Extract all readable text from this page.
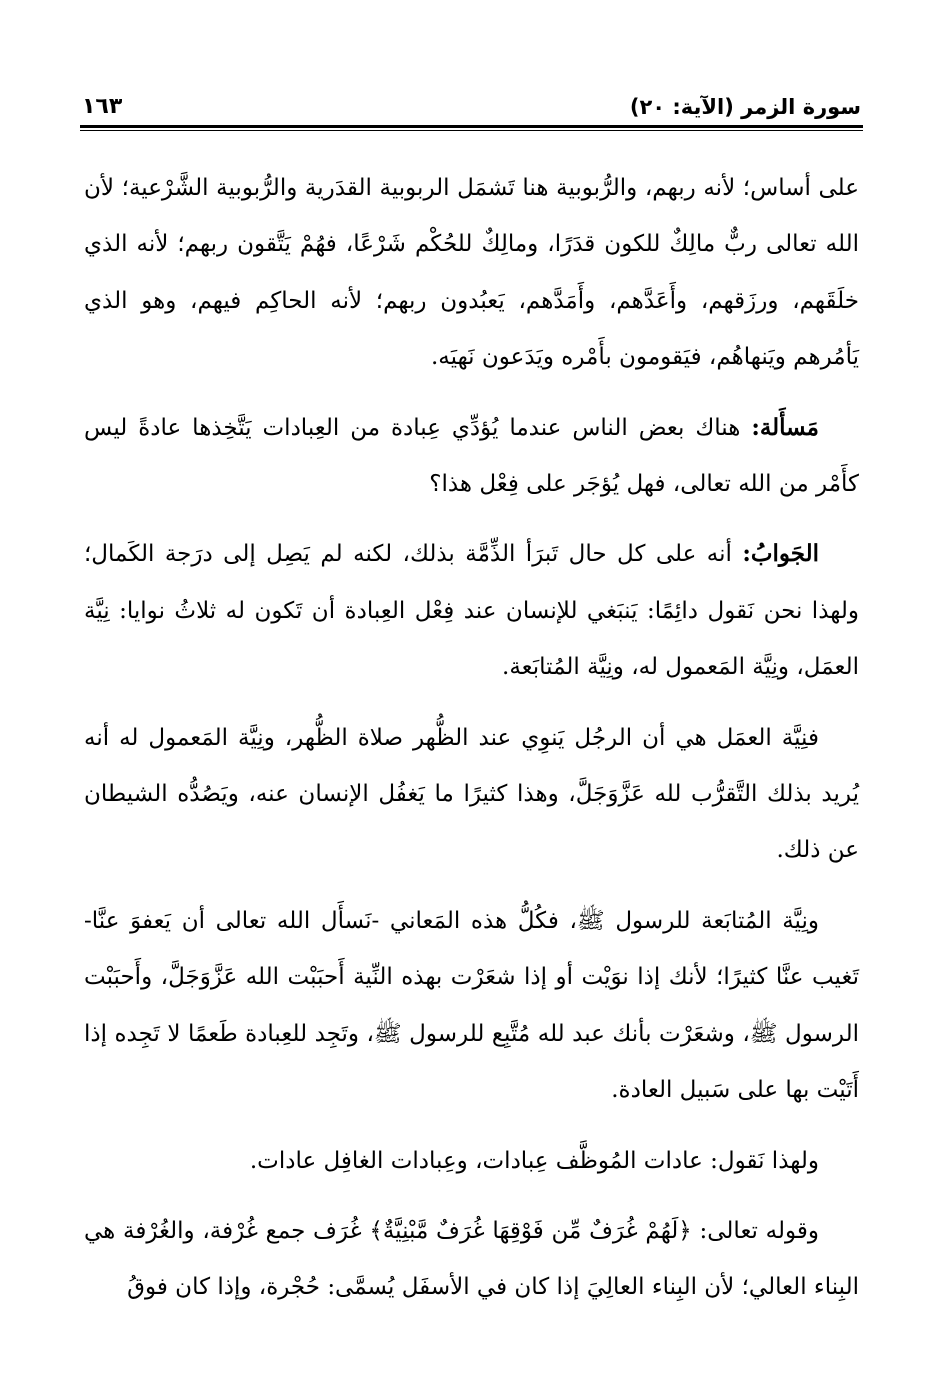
سورة الزمر (الآية: ٢٠)
١٦٣

على أساس؛ لأنه ربهم، والرُّبوبية هنا تَشمَل الربوبية القدَرية والرُّبوبية الشَّرْعية؛ لأن الله تعالى ربٌّ مالِكٌ للكون قدَرًا، ومالِكٌ للحُكْم شَرْعًا، فهُمْ يَتَّقون ربهم؛ لأنه الذي خلَقَهم، ورزَقهم، وأَعَدَّهم، وأَمَدَّهم، يَعبُدون ربهم؛ لأنه الحاكِم فيهم، وهو الذي يَأمُرهم ويَنهاهُم، فيَقومون بأَمْره ويَدَعون نَهيَه.

مَسأَلة: هناك بعض الناس عندما يُؤدِّي عِبادة من العِبادات يَتَّخِذها عادةً ليس كأَمْر من الله تعالى، فهل يُؤجَر على فِعْل هذا؟

الجَوابُ: أنه على كل حال تَبرَأ الذِّمَّة بذلك، لكنه لم يَصِل إلى درَجة الكَمال؛ ولهذا نحن نَقول دائِمًا: يَنبَغي للإنسان عند فِعْل العِبادة أن تَكون له ثلاثُ نوايا: نِيَّة العمَل، ونِيَّة المَعمول له، ونِيَّة المُتابَعة.

فنِيَّة العمَل هي أن الرجُل يَنوِي عند الظُّهر صلاة الظُّهر، ونِيَّة المَعمول له أنه يُريد بذلك التَّقرُّب لله عَزَّوَجَلَّ، وهذا كثيرًا ما يَغفُل الإنسان عنه، ويَصُدُّه الشيطان عن ذلك.

ونِيَّة المُتابَعة للرسول ﷺ، فكُلُّ هذه المَعاني -نَسأَل الله تعالى أن يَعفوَ عنَّا- تَغيب عنَّا كثيرًا؛ لأنك إذا نوَيْت أو إذا شعَرْت بهذه النِّية أَحبَبْت الله عَزَّوَجَلَّ، وأَحبَبْت الرسول ﷺ، وشعَرْت بأنك عبد لله مُتَّبِع للرسول ﷺ، وتَجِد للعِبادة طَعمًا لا تَجِده إذا أَتَيْت بها على سَبيل العادة.

ولهذا نَقول: عادات المُوظَّف عِبادات، وعِبادات الغافِل عادات.

وقوله تعالى: ﴿لَهُمْ غُرَفٌ مِّن فَوْقِهَا غُرَفٌ مَّبْنِيَّةٌ﴾ غُرَف جمع غُرْفة، والغُرْفة هي البِناء العالي؛ لأن البِناء العالِيَ إذا كان في الأسفَل يُسمَّى: حُجْرة، وإذا كان فوقُ
